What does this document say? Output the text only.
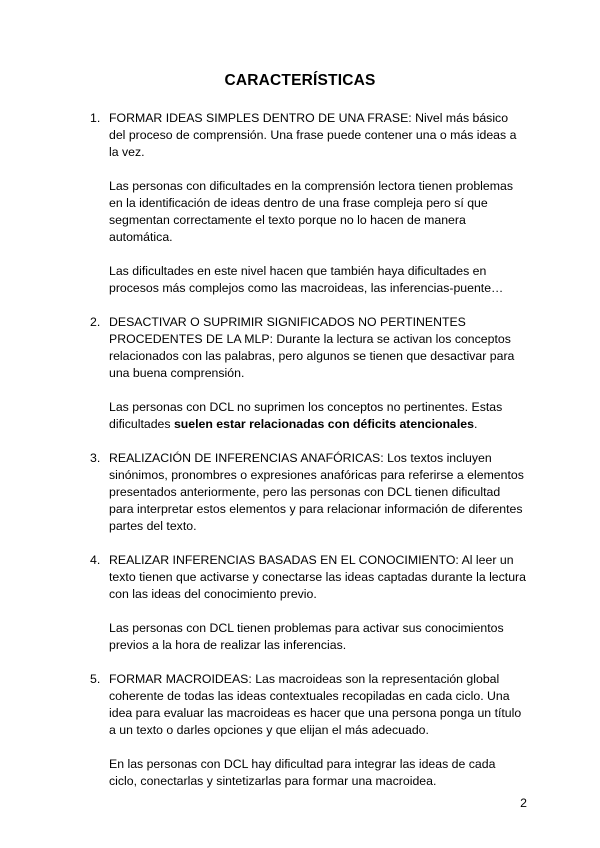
CARACTERÍSTICAS
1. FORMAR IDEAS SIMPLES DENTRO DE UNA FRASE: Nivel más básico del proceso de comprensión. Una frase puede contener una o más ideas a la vez.

Las personas con dificultades en la comprensión lectora tienen problemas en la identificación de ideas dentro de una frase compleja pero sí que segmentan correctamente el texto porque no lo hacen de manera automática.

Las dificultades en este nivel hacen que también haya dificultades en procesos más complejos como las macroideas, las inferencias-puente…

2. DESACTIVAR O SUPRIMIR SIGNIFICADOS NO PERTINENTES PROCEDENTES DE LA MLP: Durante la lectura se activan los conceptos relacionados con las palabras, pero algunos se tienen que desactivar para una buena comprensión.

Las personas con DCL no suprimen los conceptos no pertinentes. Estas dificultades suelen estar relacionadas con déficits atencionales.

3. REALIZACIÓN DE INFERENCIAS ANAFÓRICAS: Los textos incluyen sinónimos, pronombres o expresiones anafóricas para referirse a elementos presentados anteriormente, pero las personas con DCL tienen dificultad para interpretar estos elementos y para relacionar información de diferentes partes del texto.

4. REALIZAR INFERENCIAS BASADAS EN EL CONOCIMIENTO: Al leer un texto tienen que activarse y conectarse las ideas captadas durante la lectura con las ideas del conocimiento previo.

Las personas con DCL tienen problemas para activar sus conocimientos previos a la hora de realizar las inferencias.

5. FORMAR MACROIDEAS: Las macroideas son la representación global coherente de todas las ideas contextuales recopiladas en cada ciclo. Una idea para evaluar las macroideas es hacer que una persona ponga un título a un texto o darles opciones y que elijan el más adecuado.

En las personas con DCL hay dificultad para integrar las ideas de cada ciclo, conectarlas y sintetizarlas para formar una macroidea.

2
